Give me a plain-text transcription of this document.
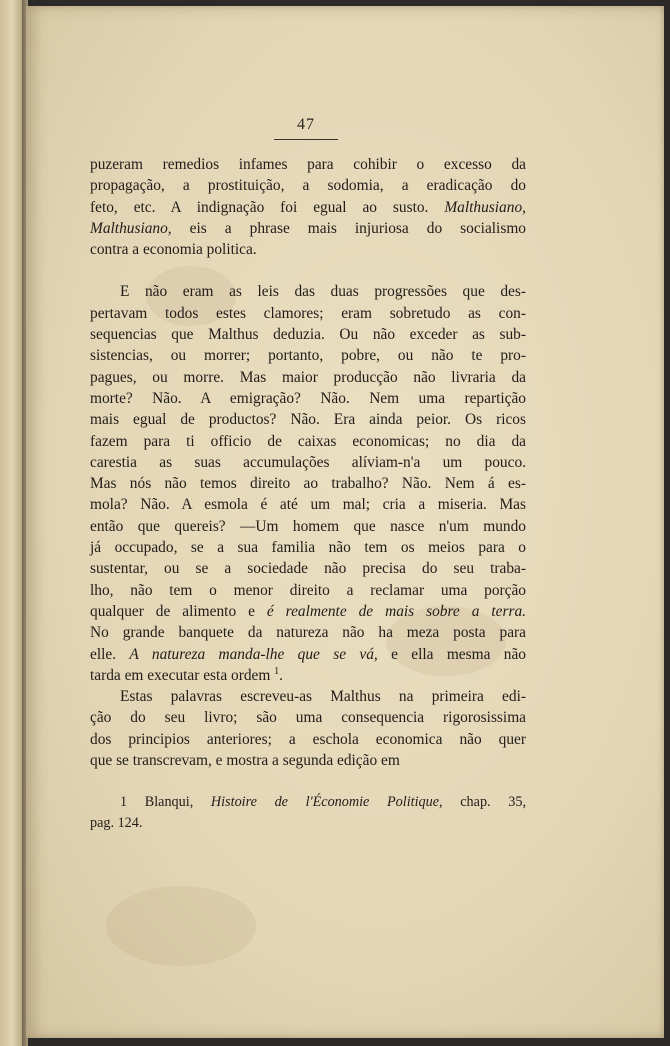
47

puzeram remedios infames para cohibir o excesso da
propagação, a prostituição, a sodomia, a eradicação do
feto, etc. A indignação foi egual ao susto. Malthusiano,
Malthusiano, eis a phrase mais injuriosa do socialismo
contra a economia politica.

E não eram as leis das duas progressões que des-
pertavam todos estes clamores; eram sobretudo as con-
sequencias que Malthus deduzia. Ou não exceder as sub-
sistencias, ou morrer; portanto, pobre, ou não te pro-
pagues, ou morre. Mas maior producção não livraria da
morte? Não. A emigração? Não. Nem uma repartição
mais egual de productos? Não. Era ainda peior. Os ricos
fazem para ti officio de caixas economicas; no dia da
carestia as suas accumulações alíviam-n'a um pouco.
Mas nós não temos direito ao trabalho? Não. Nem á es-
mola? Não. A esmola é até um mal; cria a miseria. Mas
então que quereis? —Um homem que nasce n'um mundo
já occupado, se a sua familia não tem os meios para o
sustentar, ou se a sociedade não precisa do seu traba-
lho, não tem o menor direito a reclamar uma porção
qualquer de alimento e é realmente de mais sobre a terra.
No grande banquete da natureza não ha meza posta para
elle. A natureza manda-lhe que se vá, e ella mesma não
tarda em executar esta ordem $^1$.

Estas palavras escreveu-as Malthus na primeira edi-
ção do seu livro; são uma consequencia rigorosissima
dos principios anteriores; a eschola economica não quer
que se transcrevam, e mostra a segunda edição em

1 Blanqui, Histoire de l'Économie Politique, chap. 35,
pag. 124.
